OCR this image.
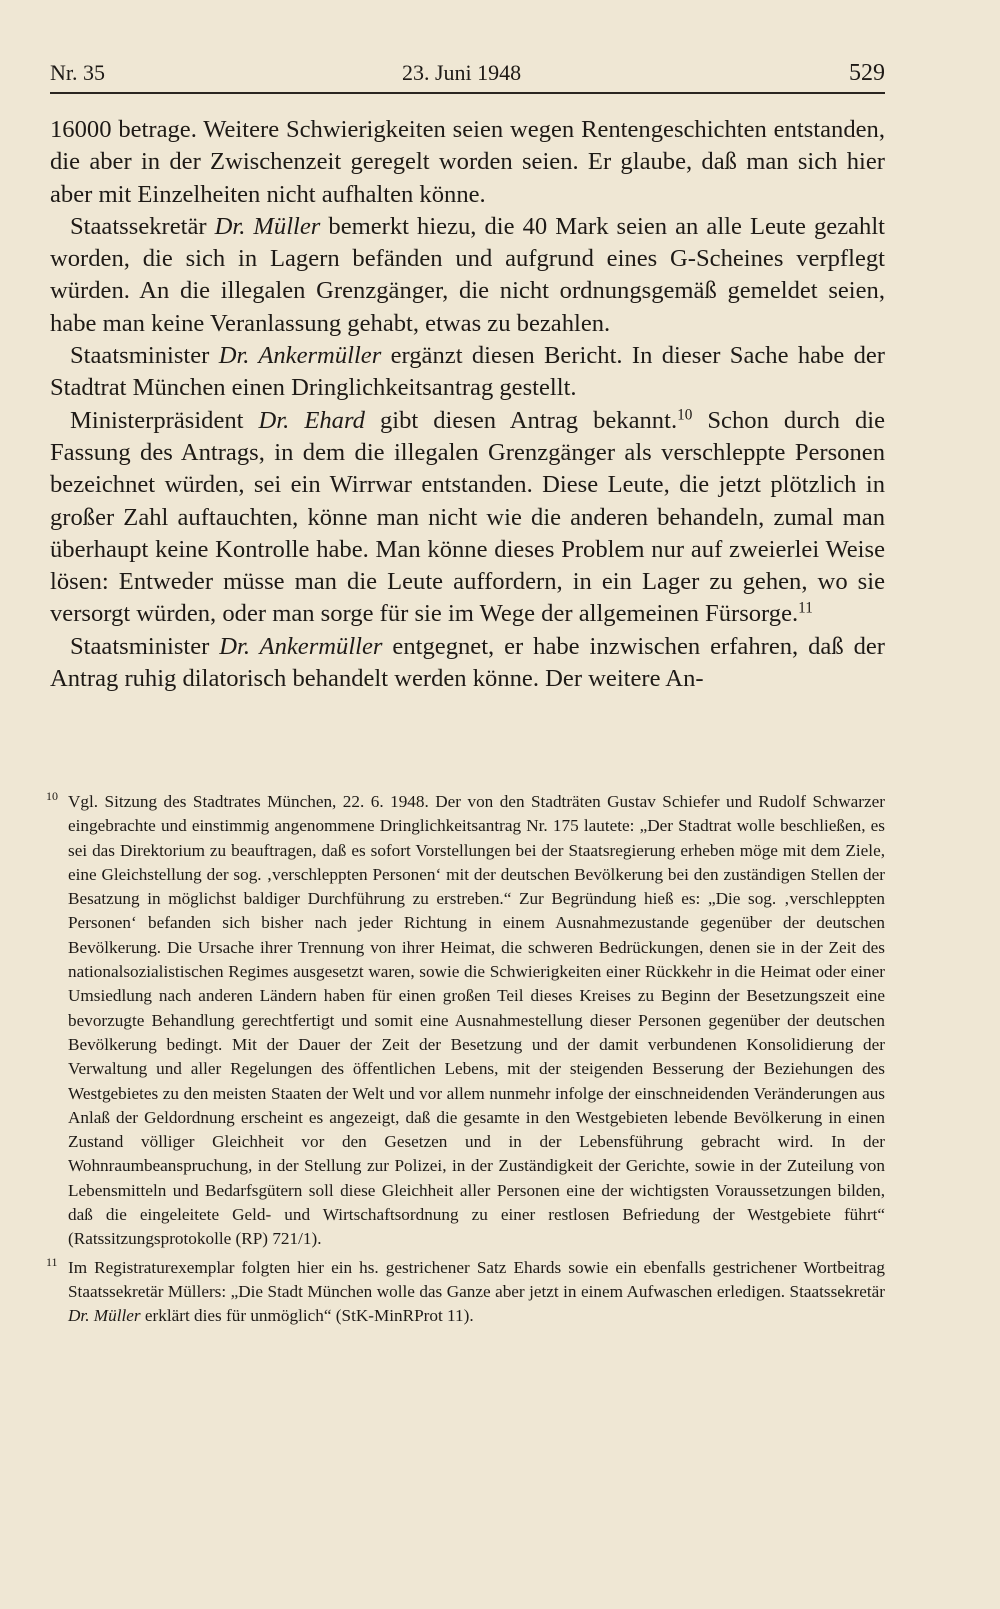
Nr. 35	23. Juni 1948	529

16000 betrage. Weitere Schwierigkeiten seien wegen Rentengeschichten entstanden, die aber in der Zwischenzeit geregelt worden seien. Er glaube, daß man sich hier aber mit Einzelheiten nicht aufhalten könne.

Staatssekretär Dr. Müller bemerkt hiezu, die 40 Mark seien an alle Leute gezahlt worden, die sich in Lagern befänden und aufgrund eines G-Scheines verpflegt würden. An die illegalen Grenzgänger, die nicht ordnungsgemäß gemeldet seien, habe man keine Veranlassung gehabt, etwas zu bezahlen.

Staatsminister Dr. Ankermüller ergänzt diesen Bericht. In dieser Sache habe der Stadtrat München einen Dringlichkeitsantrag gestellt.

Ministerpräsident Dr. Ehard gibt diesen Antrag bekannt.$^{10}$ Schon durch die Fassung des Antrags, in dem die illegalen Grenzgänger als verschleppte Personen bezeichnet würden, sei ein Wirrwar entstanden. Diese Leute, die jetzt plötzlich in großer Zahl auftauchten, könne man nicht wie die anderen behandeln, zumal man überhaupt keine Kontrolle habe. Man könne dieses Problem nur auf zweierlei Weise lösen: Entweder müsse man die Leute auffordern, in ein Lager zu gehen, wo sie versorgt würden, oder man sorge für sie im Wege der allgemeinen Fürsorge.$^{11}$

Staatsminister Dr. Ankermüller entgegnet, er habe inzwischen erfahren, daß der Antrag ruhig dilatorisch behandelt werden könne. Der weitere An-

10 Vgl. Sitzung des Stadtrates München, 22. 6. 1948. Der von den Stadträten Gustav Schiefer und Rudolf Schwarzer eingebrachte und einstimmig angenommene Dringlichkeitsantrag Nr. 175 lautete: „Der Stadtrat wolle beschließen, es sei das Direktorium zu beauftragen, daß es sofort Vorstellungen bei der Staatsregierung erheben möge mit dem Ziele, eine Gleichstellung der sog. ‚verschleppten Personen‘ mit der deutschen Bevölkerung bei den zuständigen Stellen der Besatzung in möglichst baldiger Durchführung zu erstreben.“ Zur Begründung hieß es: „Die sog. ‚verschleppten Personen‘ befanden sich bisher nach jeder Richtung in einem Ausnahmezustande gegenüber der deutschen Bevölkerung. Die Ursache ihrer Trennung von ihrer Heimat, die schweren Bedrückungen, denen sie in der Zeit des nationalsozialistischen Regimes ausgesetzt waren, sowie die Schwierigkeiten einer Rückkehr in die Heimat oder einer Umsiedlung nach anderen Ländern haben für einen großen Teil dieses Kreises zu Beginn der Besetzungszeit eine bevorzugte Behandlung gerechtfertigt und somit eine Ausnahmestellung dieser Personen gegenüber der deutschen Bevölkerung bedingt. Mit der Dauer der Zeit der Besetzung und der damit verbundenen Konsolidierung der Verwaltung und aller Regelungen des öffentlichen Lebens, mit der steigenden Besserung der Beziehungen des Westgebietes zu den meisten Staaten der Welt und vor allem nunmehr infolge der einschneidenden Veränderungen aus Anlaß der Geldordnung erscheint es angezeigt, daß die gesamte in den Westgebieten lebende Bevölkerung in einen Zustand völliger Gleichheit vor den Gesetzen und in der Lebensführung gebracht wird. In der Wohnraumbeanspruchung, in der Stellung zur Polizei, in der Zuständigkeit der Gerichte, sowie in der Zuteilung von Lebensmitteln und Bedarfsgütern soll diese Gleichheit aller Personen eine der wichtigsten Voraussetzungen bilden, daß die eingeleitete Geld- und Wirtschaftsordnung zu einer restlosen Befriedung der Westgebiete führt“ (Ratssitzungsprotokolle (RP) 721/1).
11 Im Registraturexemplar folgten hier ein hs. gestrichener Satz Ehards sowie ein ebenfalls gestrichener Wortbeitrag Staatssekretär Müllers: „Die Stadt München wolle das Ganze aber jetzt in einem Aufwaschen erledigen. Staatssekretär Dr. Müller erklärt dies für unmöglich“ (StK-MinRProt 11).
